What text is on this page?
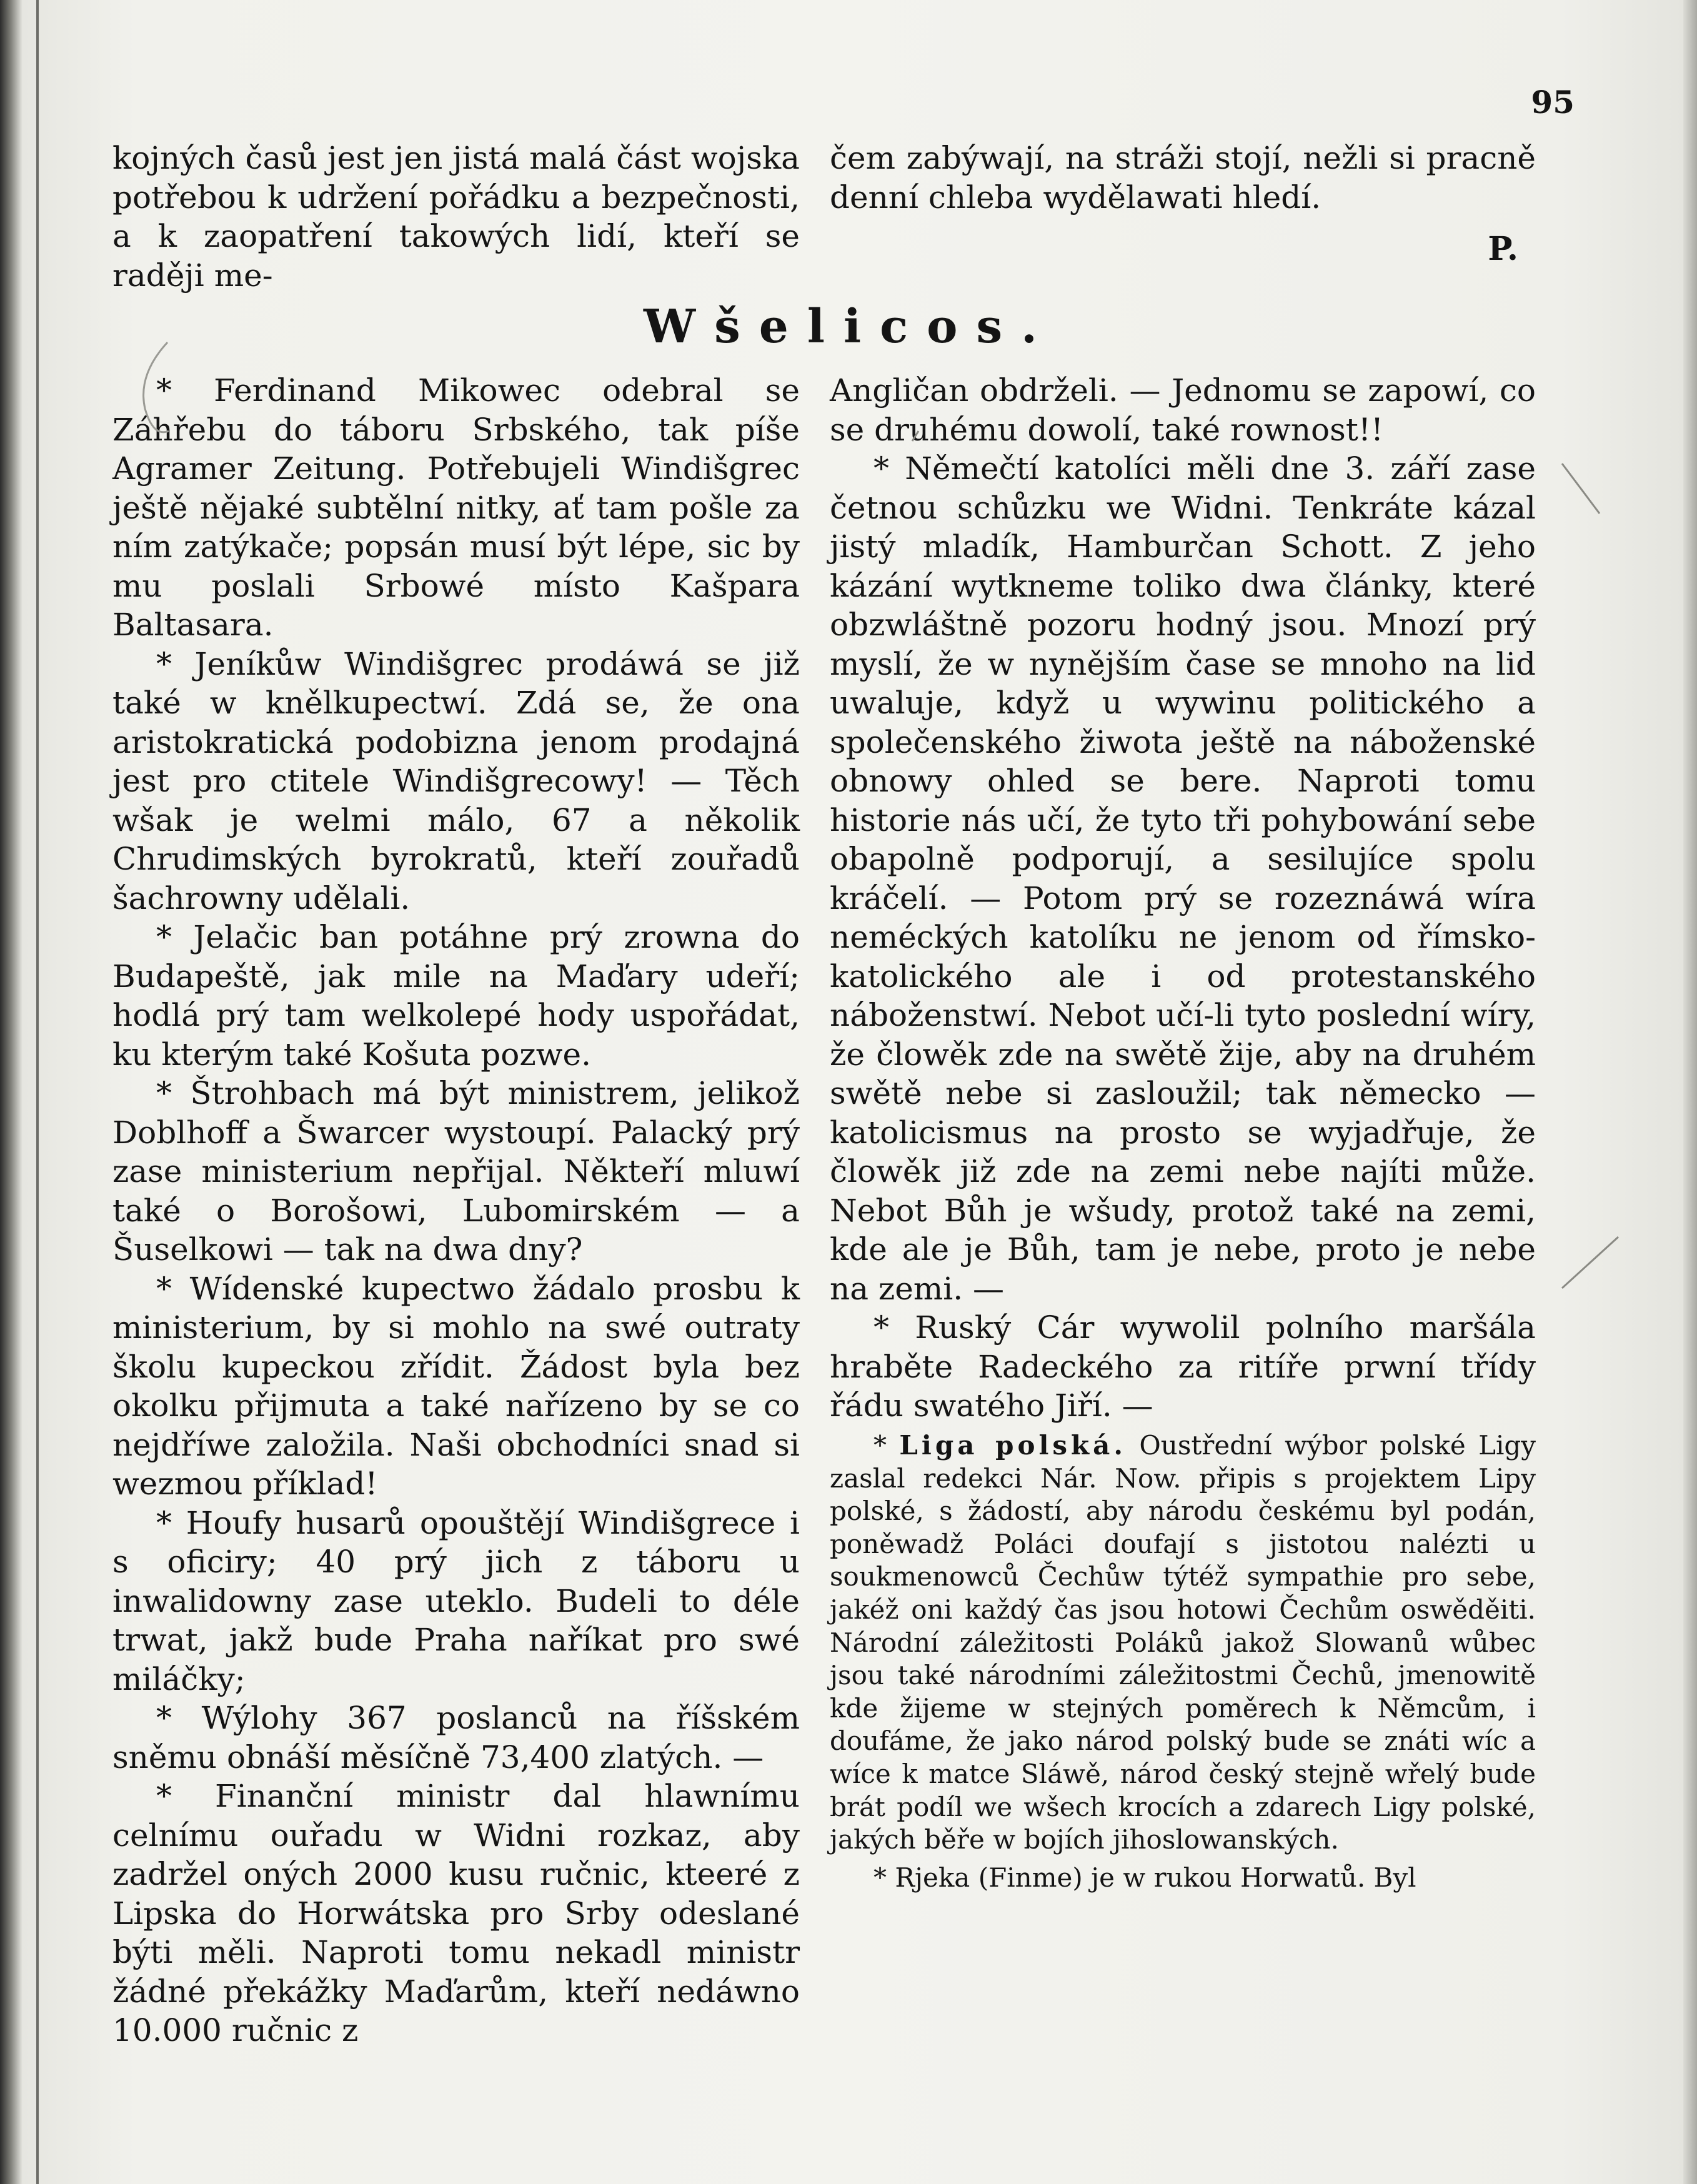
95

kojných časů jest jen jistá malá část wojska potřebou k udržení pořádku a bezpečnosti, a k zaopatření takowých lidí, kteří se raději me-

čem zabýwají, na stráži stojí, nežli si pracně denní chleba wydělawati hledí.

P.
Wšelicos.

* Ferdinand Mikowec odebral se Záhřebu do táboru Srbského, tak píše Agramer Zeitung. Potřebujeli Windišgrec ještě nějaké subtělní nitky, ať tam pošle za ním zatýkače; popsán musí být lépe, sic by mu poslali Srbowé místo Kašpara Baltasara.

* Jeníkůw Windišgrec prodáwá se již také w knělkupectwí. Zdá se, že ona aristokratická podobizna jenom prodajná jest pro ctitele Windišgrecowy! — Těch wšak je welmi málo, 67 a několik Chrudimských byrokratů, kteří zouřadů šachrowny udělali.

* Jelačic ban potáhne prý zrowna do Budapeště, jak mile na Maďary udeří; hodlá prý tam welkolepé hody uspořádat, ku kterým také Košuta pozwe.

* Štrohbach má být ministrem, jelikož Doblhoff a Šwarcer wystoupí. Palacký prý zase ministerium nepřijal. Někteří mluwí také o Borošowi, Lubomirském — a Šuselkowi — tak na dwa dny?

* Wídenské kupectwo žádalo prosbu k ministerium, by si mohlo na swé outraty školu kupeckou zřídit. Žádost byla bez okolku přijmuta a také nařízeno by se co nejdříwe založila. Naši obchodníci snad si wezmou příklad!

* Houfy husarů opouštějí Windišgrece i s oficiry; 40 prý jich z táboru u inwalidowny zase uteklo. Budeli to déle trwat, jakž bude Praha naříkat pro swé miláčky;

* Wýlohy 367 poslanců na říšském sněmu obnáší měsíčně 73,400 zlatých. —

* Finanční ministr dal hlawnímu celnímu ouřadu w Widni rozkaz, aby zadržel oných 2000 kusu ručnic, kteeré z Lipska do Horwátska pro Srby odeslané býti měli. Naproti tomu nekadl ministr žádné překážky Maďarům, kteří nedáwno 10.000 ručnic z

Angličan obdrželi. — Jednomu se zapowí, co se druhému dowolí, také rownost!!

* Němečtí katolíci měli dne 3. září zase četnou schůzku we Widni. Tenkráte kázal jistý mladík, Hamburčan Schott. Z jeho kázání wytkneme toliko dwa články, které obzwláštně pozoru hodný jsou. Mnozí prý myslí, že w nynějším čase se mnoho na lid uwaluje, když u wywinu politického a společenského žiwota ještě na náboženské obnowy ohled se bere. Naproti tomu historie nás učí, že tyto tři pohybowání sebe obapolně podporují, a sesilujíce spolu kráčelí. — Potom prý se rozeznáwá wíra neméckých katolíku ne jenom od římsko-katolického ale i od protestanského náboženstwí. Nebot učí-li tyto poslední wíry, že člowěk zde na swětě žije, aby na druhém swětě nebe si zasloužil; tak německo — katolicismus na prosto se wyjadřuje, že člowěk již zde na zemi nebe najíti může. Nebot Bůh je wšudy, protož také na zemi, kde ale je Bůh, tam je nebe, proto je nebe na zemi. —

* Ruský Cár wywolil polního maršála hraběte Radeckého za ritíře prwní třídy řádu swatého Jiří. —

* Liga polská. Oustřední wýbor polské Ligy zaslal redekci Nár. Now. připis s projektem Lipy polské, s žádostí, aby národu českému byl podán, poněwadž Poláci doufají s jistotou nalézti u soukmenowců Čechůw týtéž sympathie pro sebe, jakéž oni každý čas jsou hotowi Čechům oswěděiti. Národní záležitosti Poláků jakož Slowanů wůbec jsou také národními záležitostmi Čechů, jmenowitě kde žijeme w stejných poměrech k Němcům, i doufáme, že jako národ polský bude se znáti wíc a wíce k matce Sláwě, národ český stejně wřelý bude brát podíl we wšech krocích a zdarech Ligy polské, jakých běře w bojích jihoslowanských.

* Rjeka (Finme) je w rukou Horwatů. Byl
